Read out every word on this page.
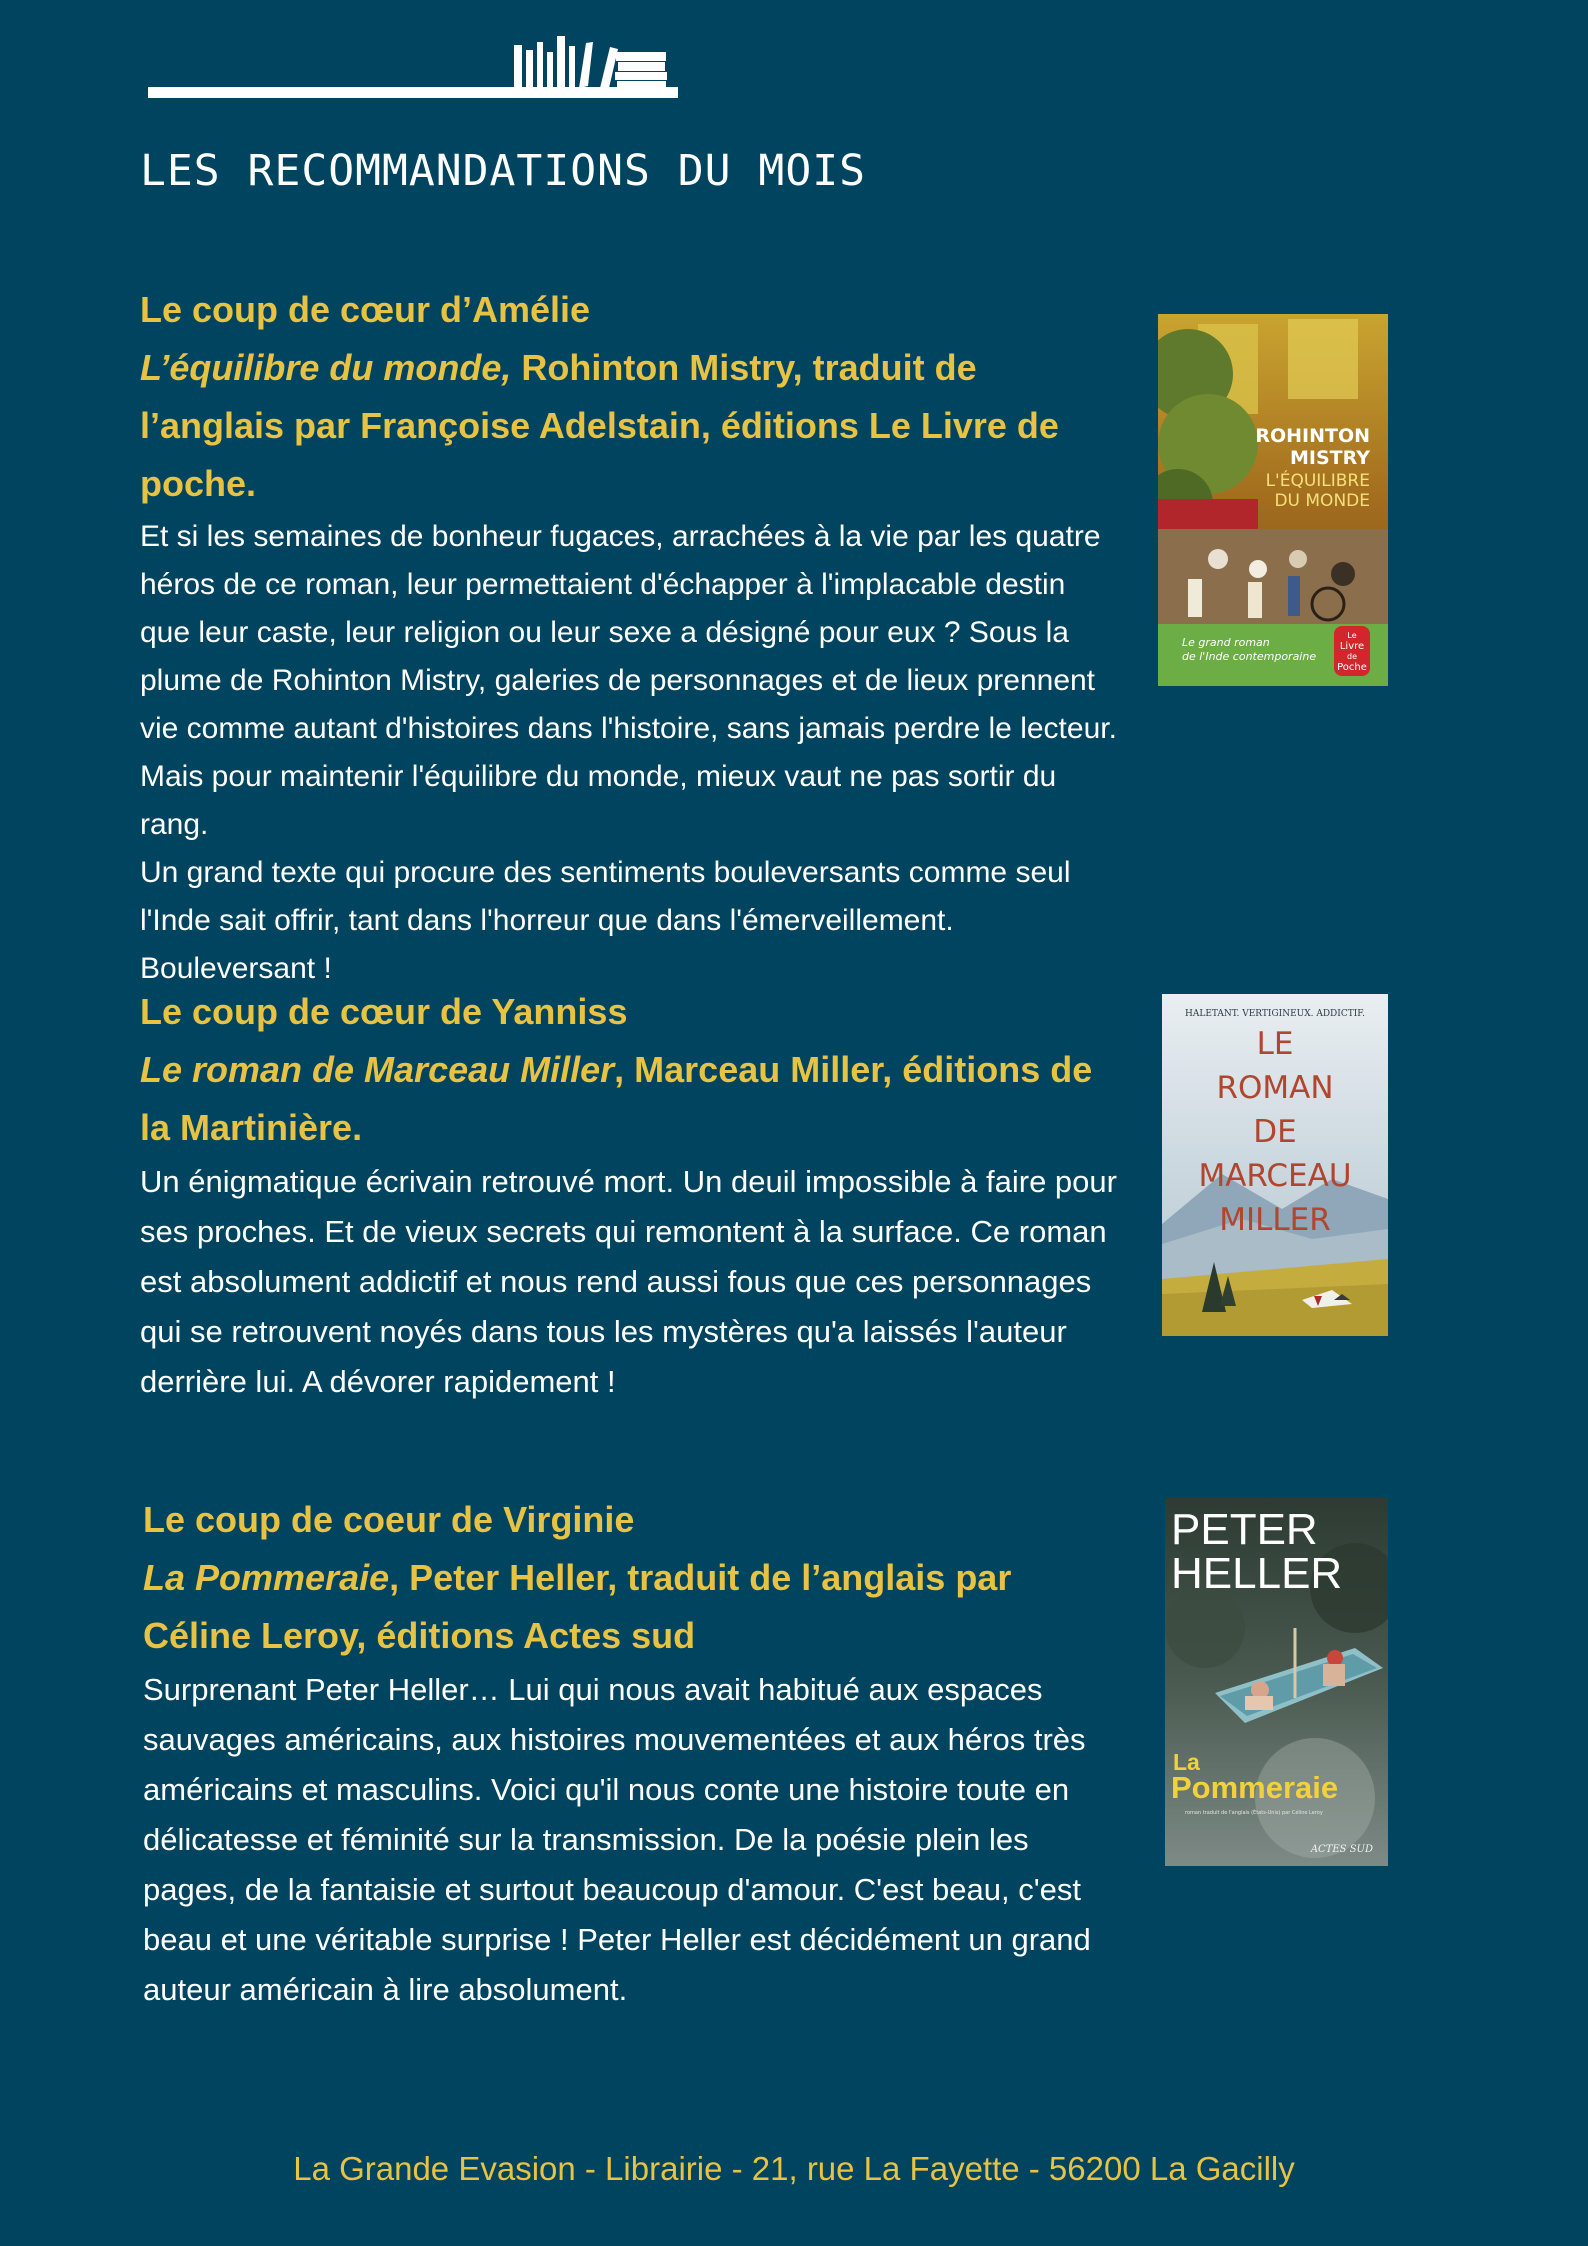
LES RECOMMANDATIONS DU MOIS
Le coup de cœur d’Amélie
L’équilibre du monde, Rohinton Mistry, traduit de l’anglais par Françoise Adelstain, éditions Le Livre de poche.

Et si les semaines de bonheur fugaces, arrachées à la vie par les quatre héros de ce roman, leur permettaient d'échapper à l'implacable destin que leur caste, leur religion ou leur sexe a désigné pour eux ? Sous la plume de Rohinton Mistry, galeries de personnages et de lieux prennent vie comme autant d'histoires dans l'histoire, sans jamais perdre le lecteur. Mais pour maintenir l'équilibre du monde, mieux vaut ne pas sortir du rang.

Un grand texte qui procure des sentiments bouleversants comme seul l'Inde sait offrir, tant dans l'horreur que dans l'émerveillement. Bouleversant !

ROHINTON
MISTRY
L'ÉQUILIBRE
DU MONDE
Le grand roman
de l'Inde contemporaine
Le
Livre
de
Poche
Le coup de cœur de Yanniss
Le roman de Marceau Miller, Marceau Miller, éditions de la Martinière.

Un énigmatique écrivain retrouvé mort. Un deuil impossible à faire pour ses proches. Et de vieux secrets qui remontent à la surface. Ce roman est absolument addictif et nous rend aussi fous que ces personnages qui se retrouvent noyés dans tous les mystères qu'a laissés l'auteur derrière lui. A dévorer rapidement !

HALETANT. VERTIGINEUX. ADDICTIF.
LE
ROMAN
DE
MARCEAU
MILLER
Le coup de coeur de Virginie
La Pommeraie, Peter Heller, traduit de l’anglais par Céline Leroy, éditions Actes sud

Surprenant Peter Heller… Lui qui nous avait habitué aux espaces sauvages américains, aux histoires mouvementées et aux héros très américains et masculins. Voici qu'il nous conte une histoire toute en délicatesse et féminité sur la transmission. De la poésie plein les pages, de la fantaisie et surtout beaucoup d'amour. C'est beau, c'est beau et une véritable surprise ! Peter Heller est décidément un grand auteur américain à lire absolument.

PETER
HELLER
La
Pommeraie
roman traduit de l'anglais (États-Unis) par Céline Leroy
ACTES SUD

La Grande Evasion - Librairie - 21, rue La Fayette - 56200 La Gacilly
